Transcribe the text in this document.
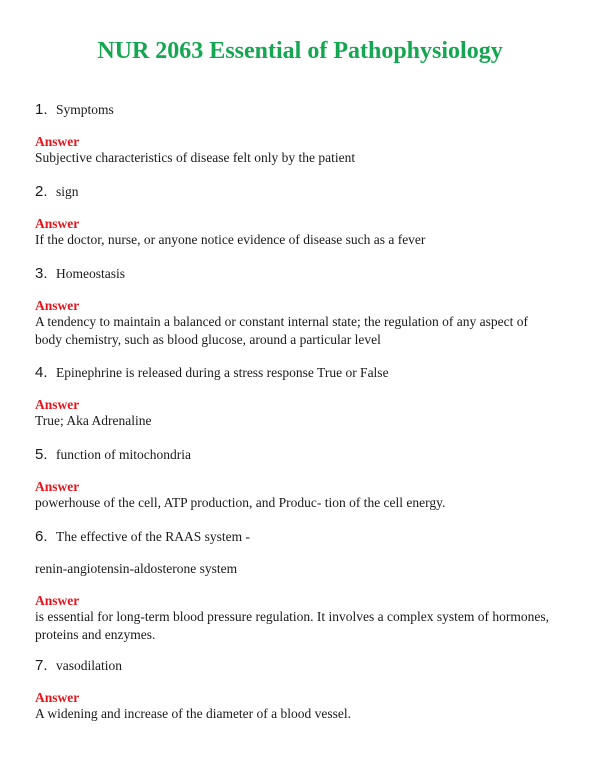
NUR 2063 Essential of Pathophysiology
1. Symptoms
Answer
Subjective characteristics of disease felt only by the patient
2. sign
Answer
If the doctor, nurse, or anyone notice evidence of disease such as a fever
3. Homeostasis
Answer
A tendency to maintain a balanced or constant internal state; the regulation of any aspect of body chemistry, such as blood glucose, around a particular level
4. Epinephrine is released during a stress response True or False
Answer
True; Aka Adrenaline
5. function of mitochondria
Answer
powerhouse of the cell, ATP production, and Produc- tion of the cell energy.
6. The effective of the RAAS system -
renin-angiotensin-aldosterone system
Answer
is essential for long-term blood pressure regulation. It involves a complex system of hormones, proteins and enzymes.
7. vasodilation
Answer
A widening and increase of the diameter of a blood vessel.
